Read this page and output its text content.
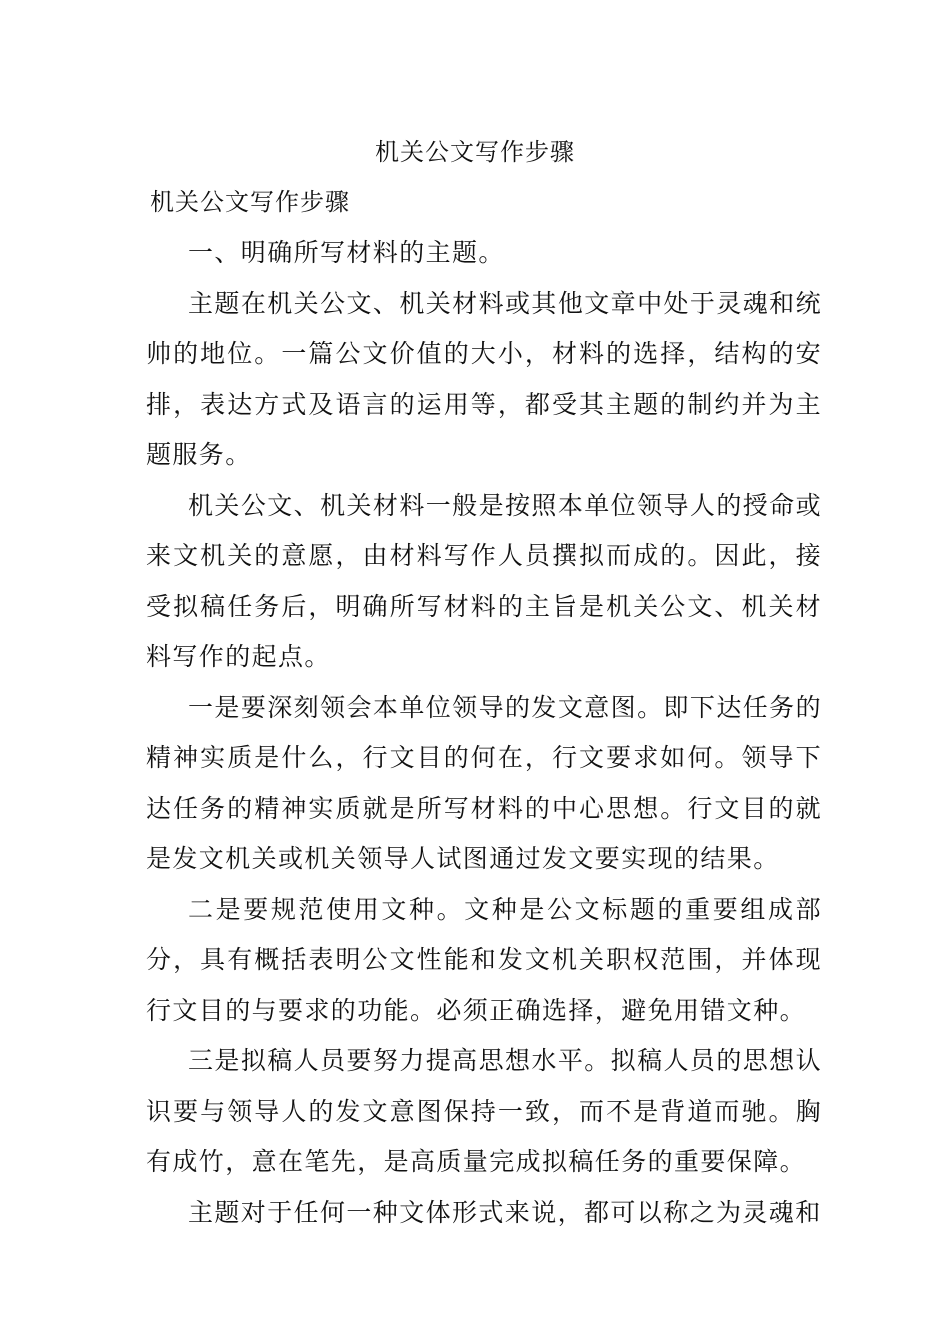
机关公文写作步骤

机关公文写作步骤

一、明确所写材料的主题。

主题在机关公文、机关材料或其他文章中处于灵魂和统帅的地位。一篇公文价值的大小，材料的选择，结构的安排，表达方式及语言的运用等，都受其主题的制约并为主题服务。

机关公文、机关材料一般是按照本单位领导人的授命或来文机关的意愿，由材料写作人员撰拟而成的。因此，接受拟稿任务后，明确所写材料的主旨是机关公文、机关材料写作的起点。

一是要深刻领会本单位领导的发文意图。即下达任务的精神实质是什么，行文目的何在，行文要求如何。领导下达任务的精神实质就是所写材料的中心思想。行文目的就是发文机关或机关领导人试图通过发文要实现的结果。

二是要规范使用文种。文种是公文标题的重要组成部分，具有概括表明公文性能和发文机关职权范围，并体现行文目的与要求的功能。必须正确选择，避免用错文种。

三是拟稿人员要努力提高思想水平。拟稿人员的思想认识要与领导人的发文意图保持一致，而不是背道而驰。胸有成竹，意在笔先，是高质量完成拟稿任务的重要保障。

主题对于任何一种文体形式来说，都可以称之为灵魂和
